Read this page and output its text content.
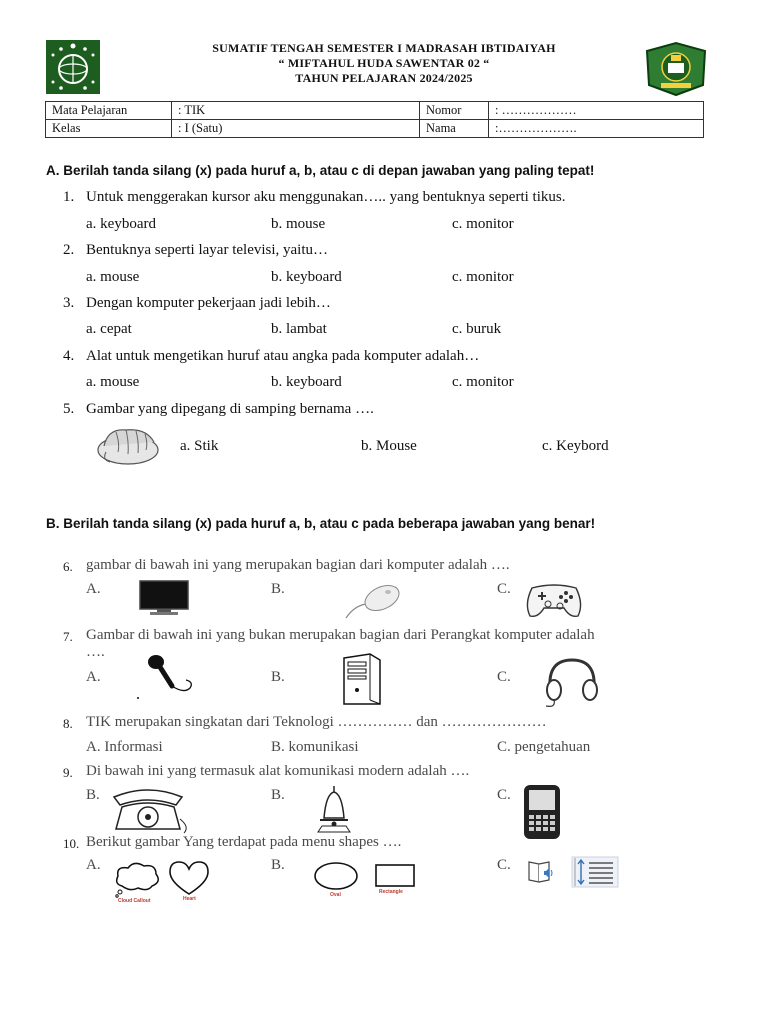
SUMATIF TENGAH SEMESTER I MADRASAH IBTIDAIYAH
“ MIFTAHUL HUDA SAWENTAR 02 “
TAHUN PELAJARAN 2024/2025
Mata Pelajaran	: TIK	Nomor	: ………………
Kelas	: I (Satu)	Nama	:……………….
A. Berilah tanda silang (x) pada huruf a, b, atau c di depan jawaban yang paling tepat!
1. Untuk menggerakan kursor aku menggunakan….. yang bentuknya seperti tikus.
a. keyboard	b. mouse	c. monitor
2. Bentuknya seperti layar televisi, yaitu…
a. mouse	b. keyboard	c. monitor
3. Dengan komputer pekerjaan jadi lebih…
a. cepat	b. lambat	c. buruk
4. Alat untuk mengetikan huruf atau angka pada komputer adalah…
a. mouse	b. keyboard	c. monitor
5. Gambar yang dipegang di samping bernama ….
a. Stik	b. Mouse	c. Keybord
B. Berilah tanda silang (x) pada huruf a, b, atau c pada beberapa jawaban yang benar!
6. gambar di bawah ini yang merupakan bagian dari komputer adalah ….
A.	B.	C.
7. Gambar di bawah ini yang bukan merupakan bagian dari Perangkat komputer adalah
….
A.	B.	C.
8. TIK merupakan singkatan dari Teknologi …………… dan …………………
A. Informasi	B. komunikasi	C. pengetahuan
9. Di bawah ini yang termasuk alat komunikasi modern adalah ….
B.	B.	C.
10. Berikut gambar Yang terdapat pada menu shapes ….
A.
Cloud Callout	Heart
B.
Oval	Rectangle
C.
